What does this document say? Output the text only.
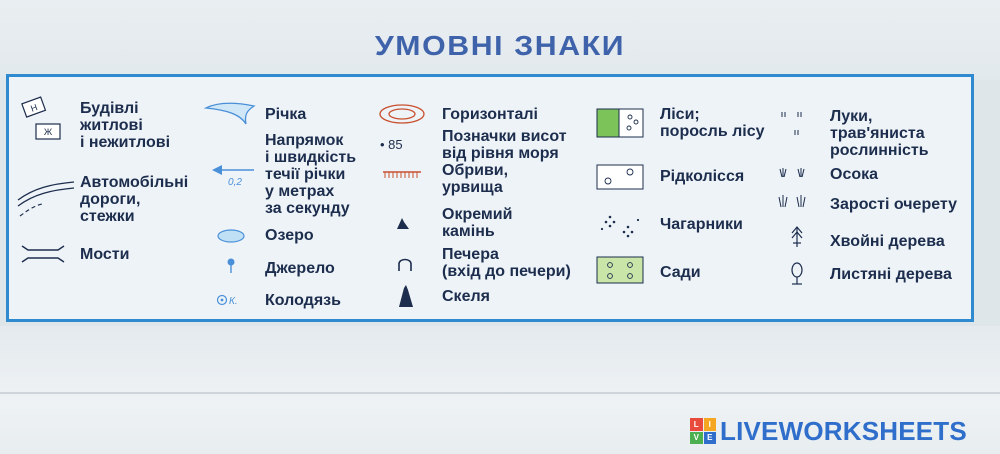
УМОВНІ ЗНАКИ
Н
Ж
Будівлі
житлові
і нежитлові
Автомобільні
дороги,
стежки
Мости
Річка
0,2
Напрямок
і швидкість
течії річки
у метрах
за секунду
Озеро
Джерело
К. Колодязь
Горизонталі
• 85 Позначки висот
від рівня моря
Обриви,
урвища
Окремий
камінь
Печера
(вхід до печери)
Скеля
Ліси;
поросль лісу
Рідколісся
Чагарники
Сади
Луки,
трав'яниста
рослинність
Осока
Зарості очерету
Хвойні дерева
Листяні дерева
L	I
V	E LIVEWORKSHEETS
